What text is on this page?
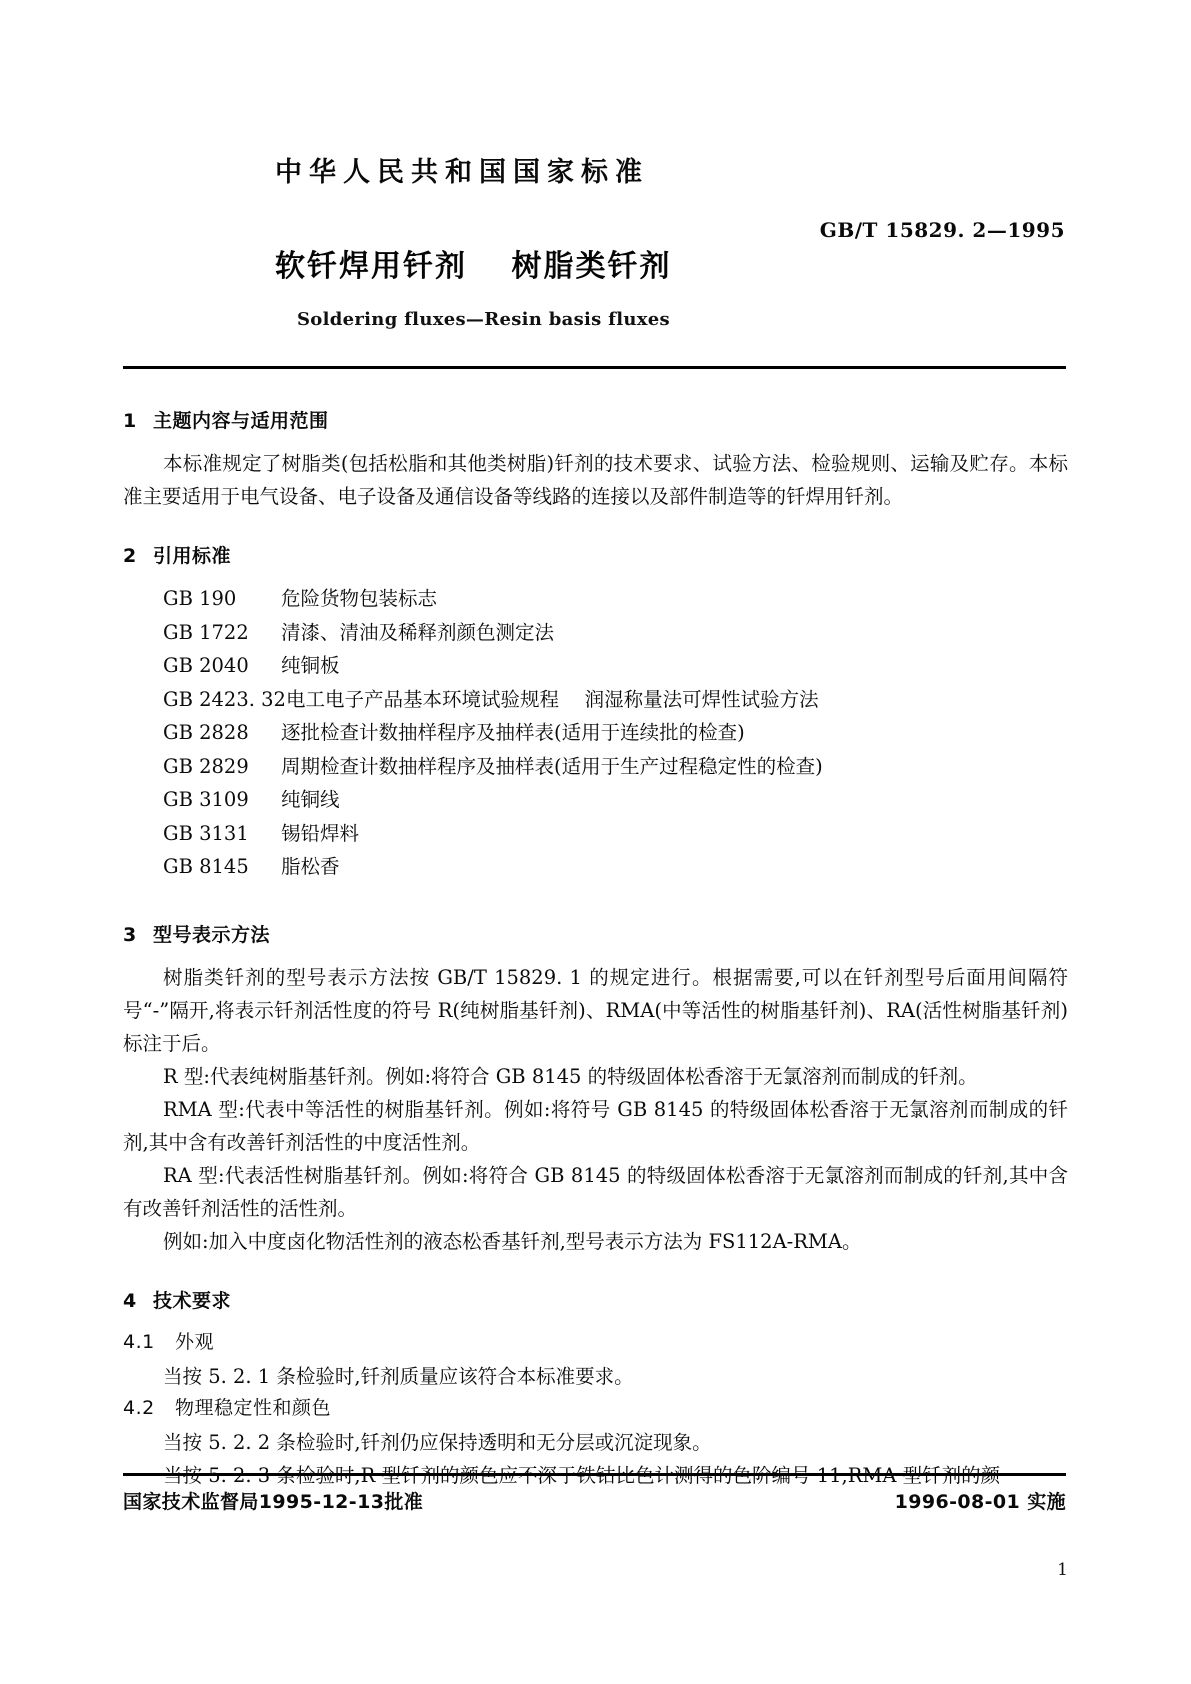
中华人民共和国国家标准
GB/T 15829. 2—1995
软钎焊用钎剂　 树脂类钎剂
Soldering fluxes—Resin basis fluxes
1 主题内容与适用范围

本标准规定了树脂类(包括松脂和其他类树脂)钎剂的技术要求、试验方法、检验规则、运输及贮存。本标准主要适用于电气设备、电子设备及通信设备等线路的连接以及部件制造等的钎焊用钎剂。

2 引用标准
GB 190 危险货物包装标志
GB 1722 清漆、清油及稀释剂颜色测定法
GB 2040 纯铜板
GB 2423. 32电工电子产品基本环境试验规程　 润湿称量法可焊性试验方法
GB 2828 逐批检查计数抽样程序及抽样表(适用于连续批的检查)
GB 2829 周期检查计数抽样程序及抽样表(适用于生产过程稳定性的检查)
GB 3109 纯铜线
GB 3131 锡铅焊料
GB 8145 脂松香
3 型号表示方法

树脂类钎剂的型号表示方法按 GB/T 15829. 1 的规定进行。根据需要,可以在钎剂型号后面用间隔符号“-”隔开,将表示钎剂活性度的符号 R(纯树脂基钎剂)、RMA(中等活性的树脂基钎剂)、RA(活性树脂基钎剂)标注于后。

R 型:代表纯树脂基钎剂。例如:将符合 GB 8145 的特级固体松香溶于无氯溶剂而制成的钎剂。

RMA 型:代表中等活性的树脂基钎剂。例如:将符号 GB 8145 的特级固体松香溶于无氯溶剂而制成的钎剂,其中含有改善钎剂活性的中度活性剂。

RA 型:代表活性树脂基钎剂。例如:将符合 GB 8145 的特级固体松香溶于无氯溶剂而制成的钎剂,其中含有改善钎剂活性的活性剂。

例如:加入中度卤化物活性剂的液态松香基钎剂,型号表示方法为 FS112A-RMA。

4 技术要求
4.1 外观

当按 5. 2. 1 条检验时,钎剂质量应该符合本标准要求。

4.2 物理稳定性和颜色

当按 5. 2. 2 条检验时,钎剂仍应保持透明和无分层或沉淀现象。

当按 5. 2. 3 条检验时,R 型钎剂的颜色应不深于铁钴比色计测得的色阶编号 11,RMA 型钎剂的颜

国家技术监督局1995-12-13批准	1996-08-01 实施
1
